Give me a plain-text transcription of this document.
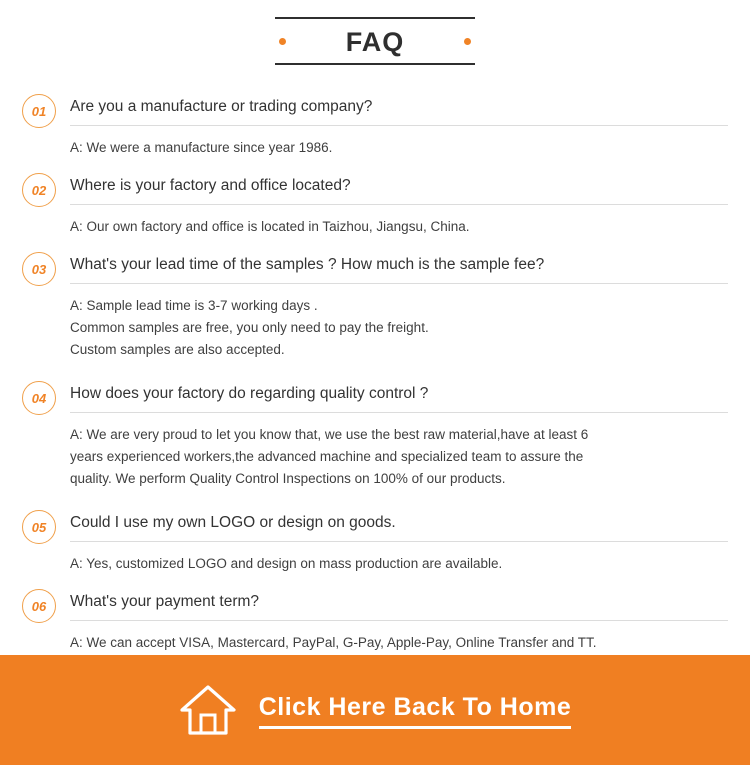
FAQ
01	Are you a manufacture or trading company?

A: We were a manufacture since year 1986.

02	Where is your factory and office located?

A: Our own factory and office is located in Taizhou, Jiangsu, China.

03	What's your lead time of the samples ? How much is the sample fee?

A: Sample lead time is 3-7 working days .

Common samples are free, you only need to pay the freight.

Custom samples are also accepted.

04	How does your factory do regarding quality control ?

A: We are very proud to let you know that, we use the best raw material,have at least 6

years experienced workers,the advanced machine and specialized team to assure the

quality. We perform Quality Control Inspections on 100% of our products.

05	Could I use my own LOGO or design on goods.

A: Yes, customized LOGO and design on mass production are available.

06	What's your payment term?

A: We can accept VISA, Mastercard, PayPal, G-Pay, Apple-Pay, Online Transfer and TT.

Click Here Back To Home
